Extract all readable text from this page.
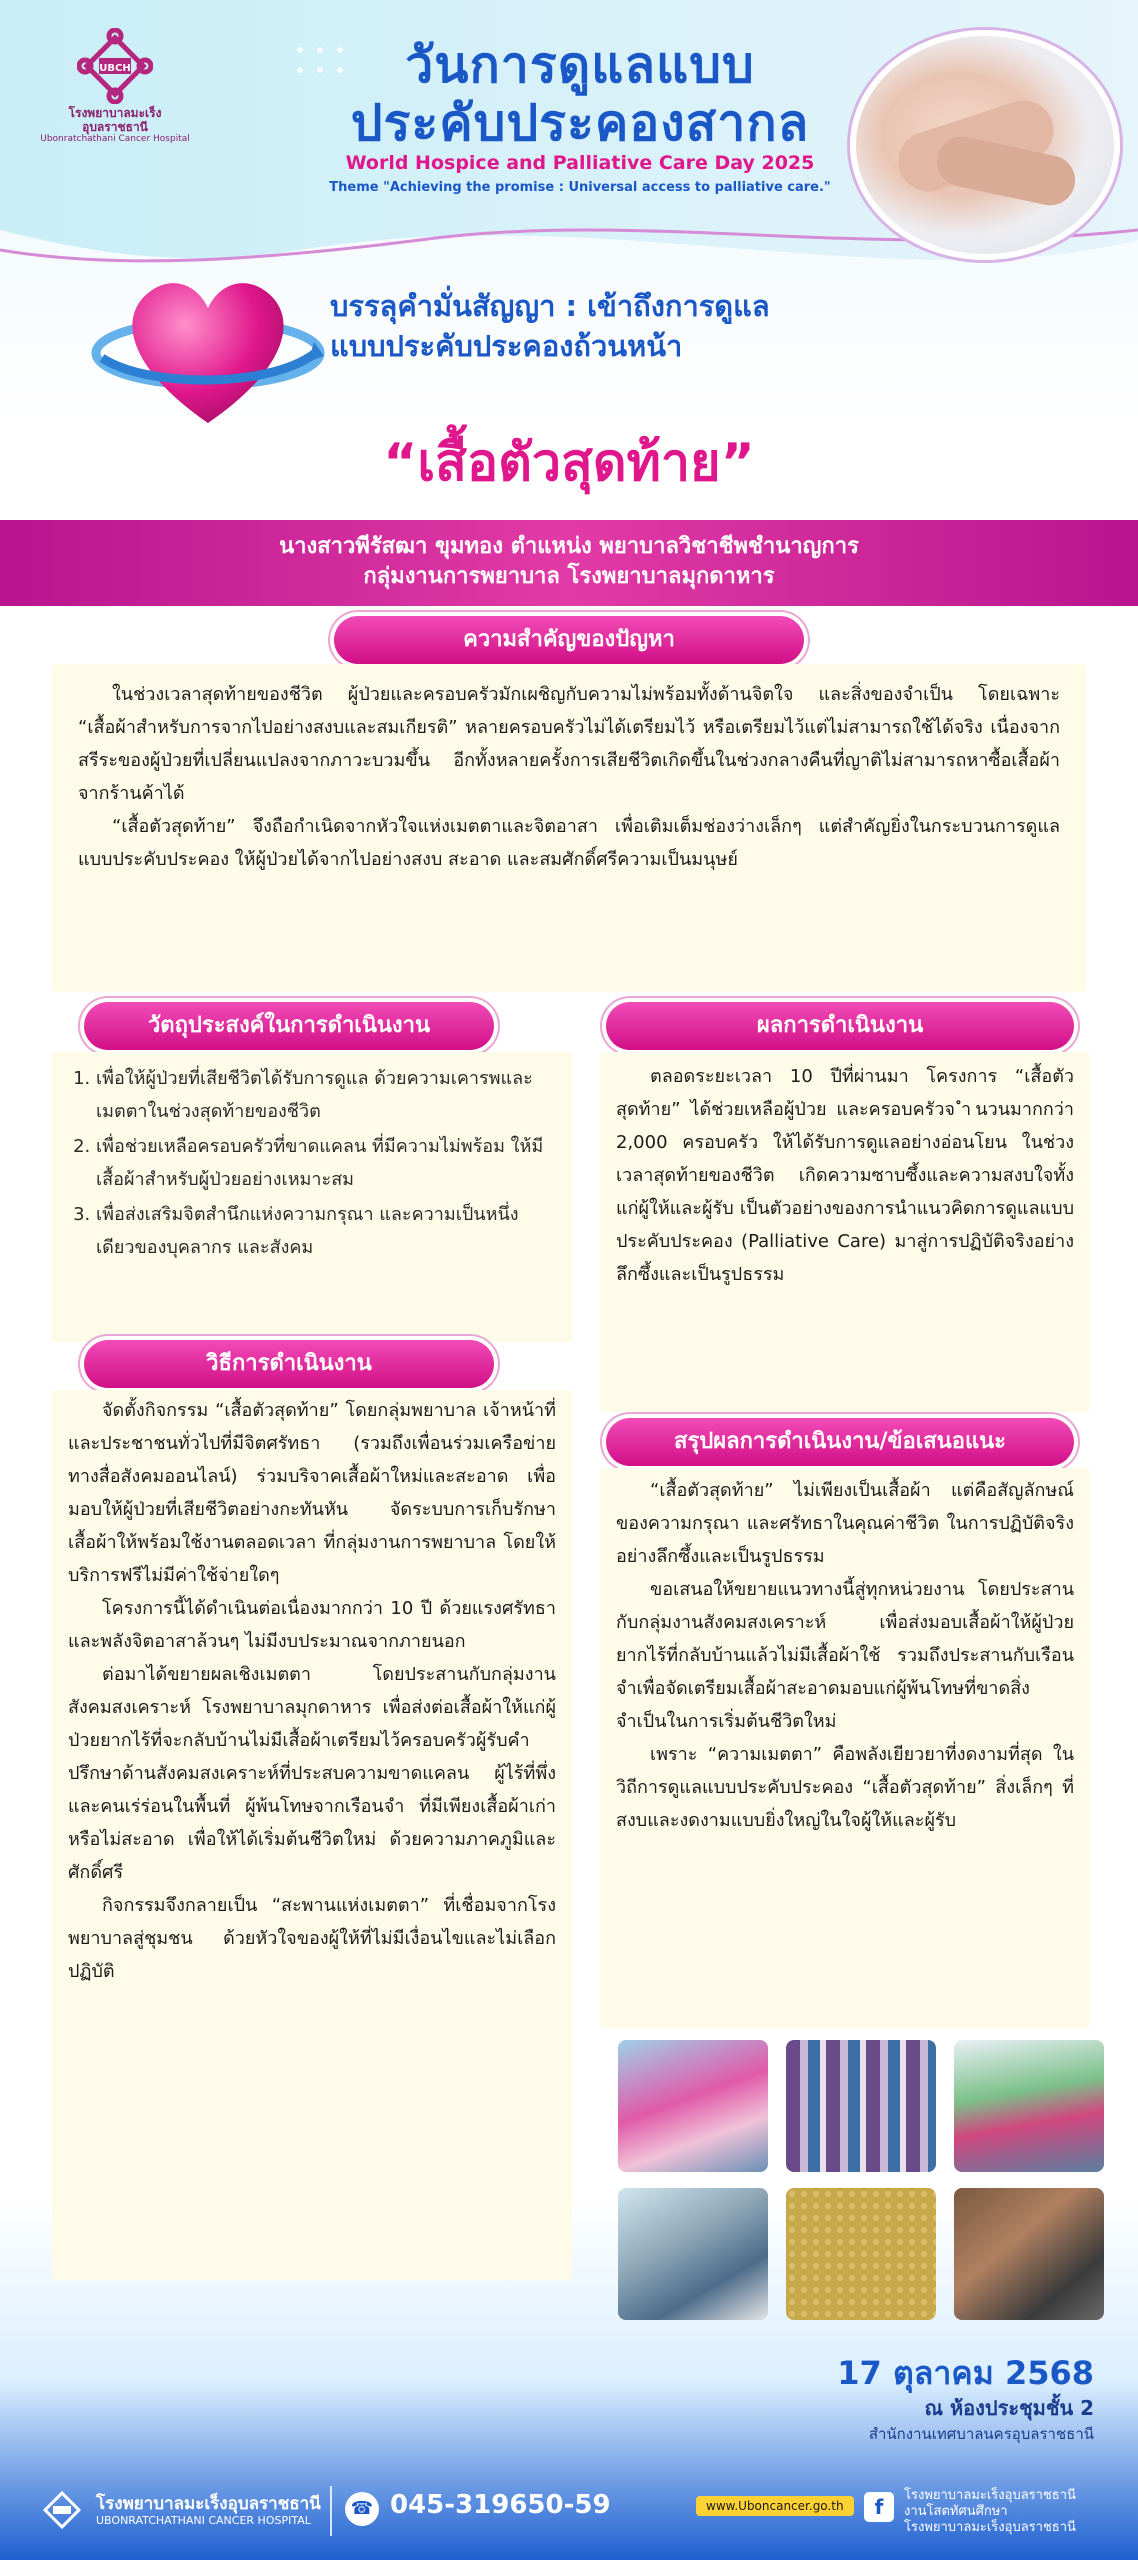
UBCH
โรงพยาบาลมะเร็ง อุบลราชธานี
Ubonratchathani Cancer Hospital
วันการดูแลแบบ
ประคับประคองสากล
World Hospice and Palliative Care Day 2025
Theme "Achieving the promise : Universal access to palliative care."
บรรลุคำมั่นสัญญา : เข้าถึงการดูแล
แบบประคับประคองถ้วนหน้า
“เสื้อตัวสุดท้าย”
นางสาวพีรัสฒา ขุมทอง ตำแหน่ง พยาบาลวิชาชีพชำนาญการ
กลุ่มงานการพยาบาล โรงพยาบาลมุกดาหาร
ความสำคัญของปัญหา

ในช่วงเวลาสุดท้ายของชีวิต ผู้ป่วยและครอบครัวมักเผชิญกับความไม่พร้อมทั้งด้านจิตใจ และสิ่งของจำเป็น โดยเฉพาะ “เสื้อผ้าสำหรับการจากไปอย่างสงบและสมเกียรติ” หลายครอบครัวไม่ได้เตรียมไว้ หรือเตรียมไว้แต่ไม่สามารถใช้ได้จริง เนื่องจากสรีระของผู้ป่วยที่เปลี่ยนแปลงจากภาวะบวมขึ้น อีกทั้งหลายครั้งการเสียชีวิตเกิดขึ้นในช่วงกลางคืนที่ญาติไม่สามารถหาซื้อเสื้อผ้าจากร้านค้าได้

“เสื้อตัวสุดท้าย” จึงถือกำเนิดจากหัวใจแห่งเมตตาและจิตอาสา เพื่อเติมเต็มช่องว่างเล็กๆ แต่สำคัญยิ่งในกระบวนการดูแลแบบประคับประคอง ให้ผู้ป่วยได้จากไปอย่างสงบ สะอาด และสมศักดิ์ศรีความเป็นมนุษย์

วัตถุประสงค์ในการดำเนินงาน
1. เพื่อให้ผู้ป่วยที่เสียชีวิตได้รับการดูแล ด้วยความเคารพและเมตตาในช่วงสุดท้ายของชีวิต
2. เพื่อช่วยเหลือครอบครัวที่ขาดแคลน ที่มีความไม่พร้อม ให้มีเสื้อผ้าสำหรับผู้ป่วยอย่างเหมาะสม
3. เพื่อส่งเสริมจิตสำนึกแห่งความกรุณา และความเป็นหนึ่งเดียวของบุคลากร และสังคม
วิธีการดำเนินงาน

จัดตั้งกิจกรรม “เสื้อตัวสุดท้าย” โดยกลุ่มพยาบาล เจ้าหน้าที่ และประชาชนทั่วไปที่มีจิตศรัทธา (รวมถึงเพื่อนร่วมเครือข่ายทางสื่อสังคมออนไลน์) ร่วมบริจาคเสื้อผ้าใหม่และสะอาด เพื่อมอบให้ผู้ป่วยที่เสียชีวิตอย่างกะทันหัน จัดระบบการเก็บรักษาเสื้อผ้าให้พร้อมใช้งานตลอดเวลา ที่กลุ่มงานการพยาบาล โดยให้บริการฟรีไม่มีค่าใช้จ่ายใดๆ

โครงการนี้ได้ดำเนินต่อเนื่องมากกว่า 10 ปี ด้วยแรงศรัทธา และพลังจิตอาสาล้วนๆ ไม่มีงบประมาณจากภายนอก

ต่อมาได้ขยายผลเชิงเมตตา โดยประสานกับกลุ่มงานสังคมสงเคราะห์ โรงพยาบาลมุกดาหาร เพื่อส่งต่อเสื้อผ้าให้แก่ผู้ป่วยยากไร้ที่จะกลับบ้านไม่มีเสื้อผ้าเตรียมไว้ครอบครัวผู้รับคำปรึกษาด้านสังคมสงเคราะห์ที่ประสบความขาดแคลน ผู้ไร้ที่พึ่ง และคนเร่ร่อนในพื้นที่ ผู้พ้นโทษจากเรือนจำ ที่มีเพียงเสื้อผ้าเก่าหรือไม่สะอาด เพื่อให้ได้เริ่มต้นชีวิตใหม่ ด้วยความภาคภูมิและศักดิ์ศรี

กิจกรรมจึงกลายเป็น “สะพานแห่งเมตตา” ที่เชื่อมจากโรงพยาบาลสู่ชุมชน ด้วยหัวใจของผู้ให้ที่ไม่มีเงื่อนไขและไม่เลือกปฏิบัติ

ผลการดำเนินงาน

ตลอดระยะเวลา 10 ปีที่ผ่านมา โครงการ “เสื้อตัวสุดท้าย” ได้ช่วยเหลือผู้ป่วย และครอบครัวจ ำนวนมากกว่า 2,000 ครอบครัว ให้ได้รับการดูแลอย่างอ่อนโยน ในช่วงเวลาสุดท้ายของชีวิต เกิดความซาบซึ้งและความสงบใจทั้งแก่ผู้ให้และผู้รับ เป็นตัวอย่างของการนำแนวคิดการดูแลแบบประคับประคอง (Palliative Care) มาสู่การปฏิบัติจริงอย่างลึกซึ้งและเป็นรูปธรรม

สรุปผลการดำเนินงาน/ข้อเสนอแนะ

“เสื้อตัวสุดท้าย” ไม่เพียงเป็นเสื้อผ้า แต่คือสัญลักษณ์ของความกรุณา และศรัทธาในคุณค่าชีวิต ในการปฏิบัติจริงอย่างลึกซึ้งและเป็นรูปธรรม

ขอเสนอให้ขยายแนวทางนี้สู่ทุกหน่วยงาน โดยประสานกับกลุ่มงานสังคมสงเคราะห์ เพื่อส่งมอบเสื้อผ้าให้ผู้ป่วยยากไร้ที่กลับบ้านแล้วไม่มีเสื้อผ้าใช้ รวมถึงประสานกับเรือนจำเพื่อจัดเตรียมเสื้อผ้าสะอาดมอบแก่ผู้พ้นโทษที่ขาดสิ่งจำเป็นในการเริ่มต้นชีวิตใหม่

เพราะ “ความเมตตา” คือพลังเยียวยาที่งดงามที่สุด ในวิถีการดูแลแบบประคับประคอง “เสื้อตัวสุดท้าย” สิ่งเล็กๆ ที่สงบและงดงามแบบยิ่งใหญ่ในใจผู้ให้และผู้รับ

17 ตุลาคม 2568
ณ ห้องประชุมชั้น 2
สำนักงานเทศบาลนครอุบลราชธานี
โรงพยาบาลมะเร็งอุบลราชธานี
UBONRATCHATHANI CANCER HOSPITAL
☎ 045-319650-59	www.Uboncancer.go.th	f	โรงพยาบาลมะเร็งอุบลราชธานี
งานโสตทัศนศึกษา
โรงพยาบาลมะเร็งอุบลราชธานี
